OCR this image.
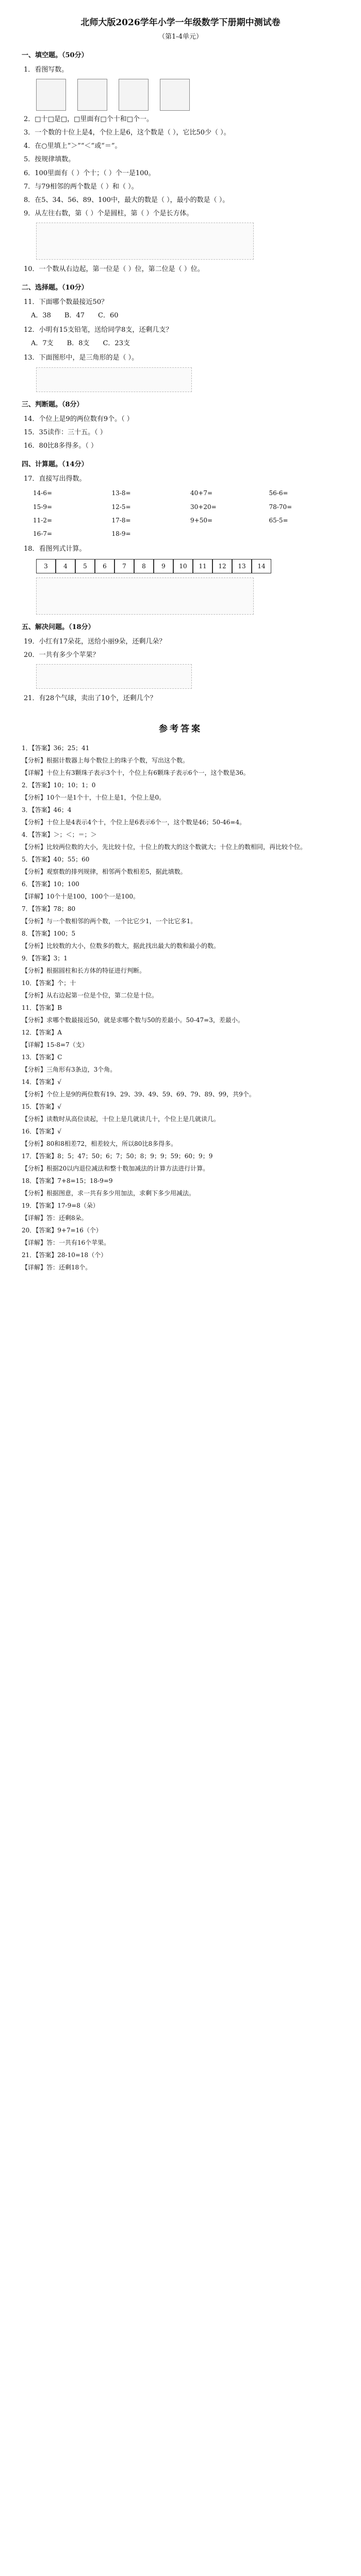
北师大版2026学年小学一年级数学下册期中测试卷
（第1-4单元）
一、填空题。（50分）
1．看图写数。
2．□十□是□，□里面有□个十和□个一。
3．一个数的十位上是4，个位上是6，这个数是（ ），它比50少（ ）。
4．在○里填上“＞”“＜”或“＝”。
5．按规律填数。
6．100里面有（ ）个十；（ ）个一是100。
7．与79相邻的两个数是（ ）和（ ）。
8．在5、34、56、89、100中，最大的数是（ ），最小的数是（ ）。
9．从左往右数，第（ ）个是圆柱，第（ ）个是长方体。
10．一个数从右边起，第一位是（ ）位，第二位是（ ）位。
二、选择题。（10分）
11．下面哪个数最接近50？
A．38　　B．47　　C．60
12．小明有15支铅笔，送给同学8支，还剩几支？
A．7支　　B．8支　　C．23支
13．下面图形中，是三角形的是（ ）。
三、判断题。（8分）
14．个位上是9的两位数有9个。（ ）
15．35读作：三十五。（ ）
16．80比8多得多。（ ）
四、计算题。（14分）
17．直接写出得数。
14-6=	13-8=	40+7=	56-6=
15-9=	12-5=	30+20=	78-70=
11-2=	17-8=	9+50=	65-5=
16-7=	18-9=
18．看图列式计算。
3	4	5	6	7	8	9	10	11	12	13	14
五、解决问题。（18分）
19．小红有17朵花，送给小丽9朵，还剩几朵？
20．一共有多少个苹果？
21．有28个气球，卖出了10个，还剩几个？
参考答案

1．【答案】36；25；41

【分析】根据计数器上每个数位上的珠子个数，写出这个数。

【详解】十位上有3颗珠子表示3个十，个位上有6颗珠子表示6个一，这个数是36。

2．【答案】10；10；1；0

【分析】10个一是1个十，十位上是1，个位上是0。

3．【答案】46；4

【分析】十位上是4表示4个十，个位上是6表示6个一，这个数是46；50-46=4。

4．【答案】＞；＜；＝；＞

【分析】比较两位数的大小，先比较十位，十位上的数大的这个数就大；十位上的数相同，再比较个位。

5．【答案】40；55；60

【分析】观察数的排列规律，相邻两个数相差5，据此填数。

6．【答案】10；100

【详解】10个十是100，100个一是100。

7．【答案】78；80

【分析】与一个数相邻的两个数，一个比它少1，一个比它多1。

8．【答案】100；5

【分析】比较数的大小，位数多的数大，据此找出最大的数和最小的数。

9．【答案】3；1

【分析】根据圆柱和长方体的特征进行判断。

10．【答案】个；十

【分析】从右边起第一位是个位，第二位是十位。

11．【答案】B

【分析】求哪个数最接近50，就是求哪个数与50的差最小。50-47=3，差最小。

12．【答案】A

【详解】15-8=7（支）

13．【答案】C

【分析】三角形有3条边，3个角。

14．【答案】√

【分析】个位上是9的两位数有19、29、39、49、59、69、79、89、99，共9个。

15．【答案】√

【分析】读数时从高位读起，十位上是几就读几十，个位上是几就读几。

16．【答案】√

【分析】80和8相差72，相差较大，所以80比8多得多。

17．【答案】8；5；47；50；6；7；50；8；9；9；59；60；9；9

【分析】根据20以内退位减法和整十数加减法的计算方法进行计算。

18．【答案】7+8=15；18-9=9

【分析】根据图意，求一共有多少用加法，求剩下多少用减法。

19．【答案】17-9=8（朵）

【详解】答：还剩8朵。

20．【答案】9+7=16（个）

【详解】答：一共有16个苹果。

21．【答案】28-10=18（个）

【详解】答：还剩18个。
